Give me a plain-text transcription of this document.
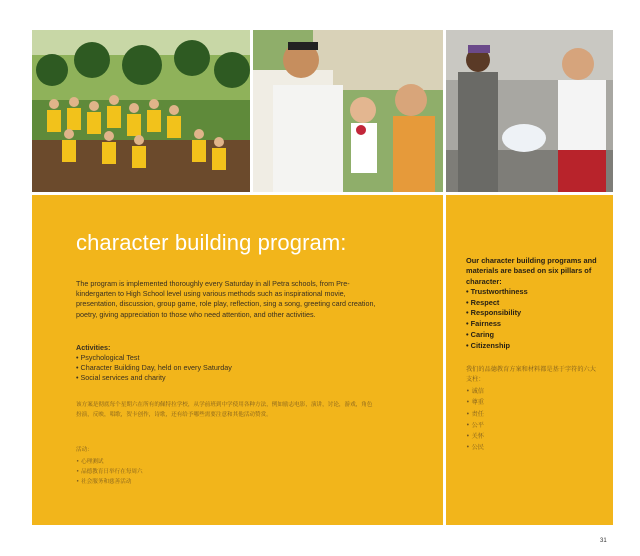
character building program:

The program is implemented thoroughly every Saturday in all Petra schools, from Pre-kindergarten to High School level using various methods such as inspirational movie, presentation, discussion, group game, role play, reflection, sing a song, greeting card creation, poetry, giving appreciation to those who need attention, and other activities.

Activities:
• Psychological Test
• Character Building Day, held on every Saturday
• Social services and charity

该方案是彻底每个星期六在所有的佩特拉学校，从学前班到中学使用各种方法，例如励志电影，演讲，讨论，游戏，角色扮演，反映，唱歌，贺卡创作，诗歌，还有给予哪些需要注意和其他活动赞赏。

活动：
• 心理测试
• 品德教育日举行在每周六
• 社会服务和慈善活动
Our character building programs and materials are based on six pillars of character:
• Trustworthiness
• Respect
• Responsibility
• Fairness
• Caring
• Citizenship
我们的品德教育方案和材料都是基于字符的六大支柱：
• 诚信
• 尊重
• 责任
• 公平
• 关怀
• 公民
31
